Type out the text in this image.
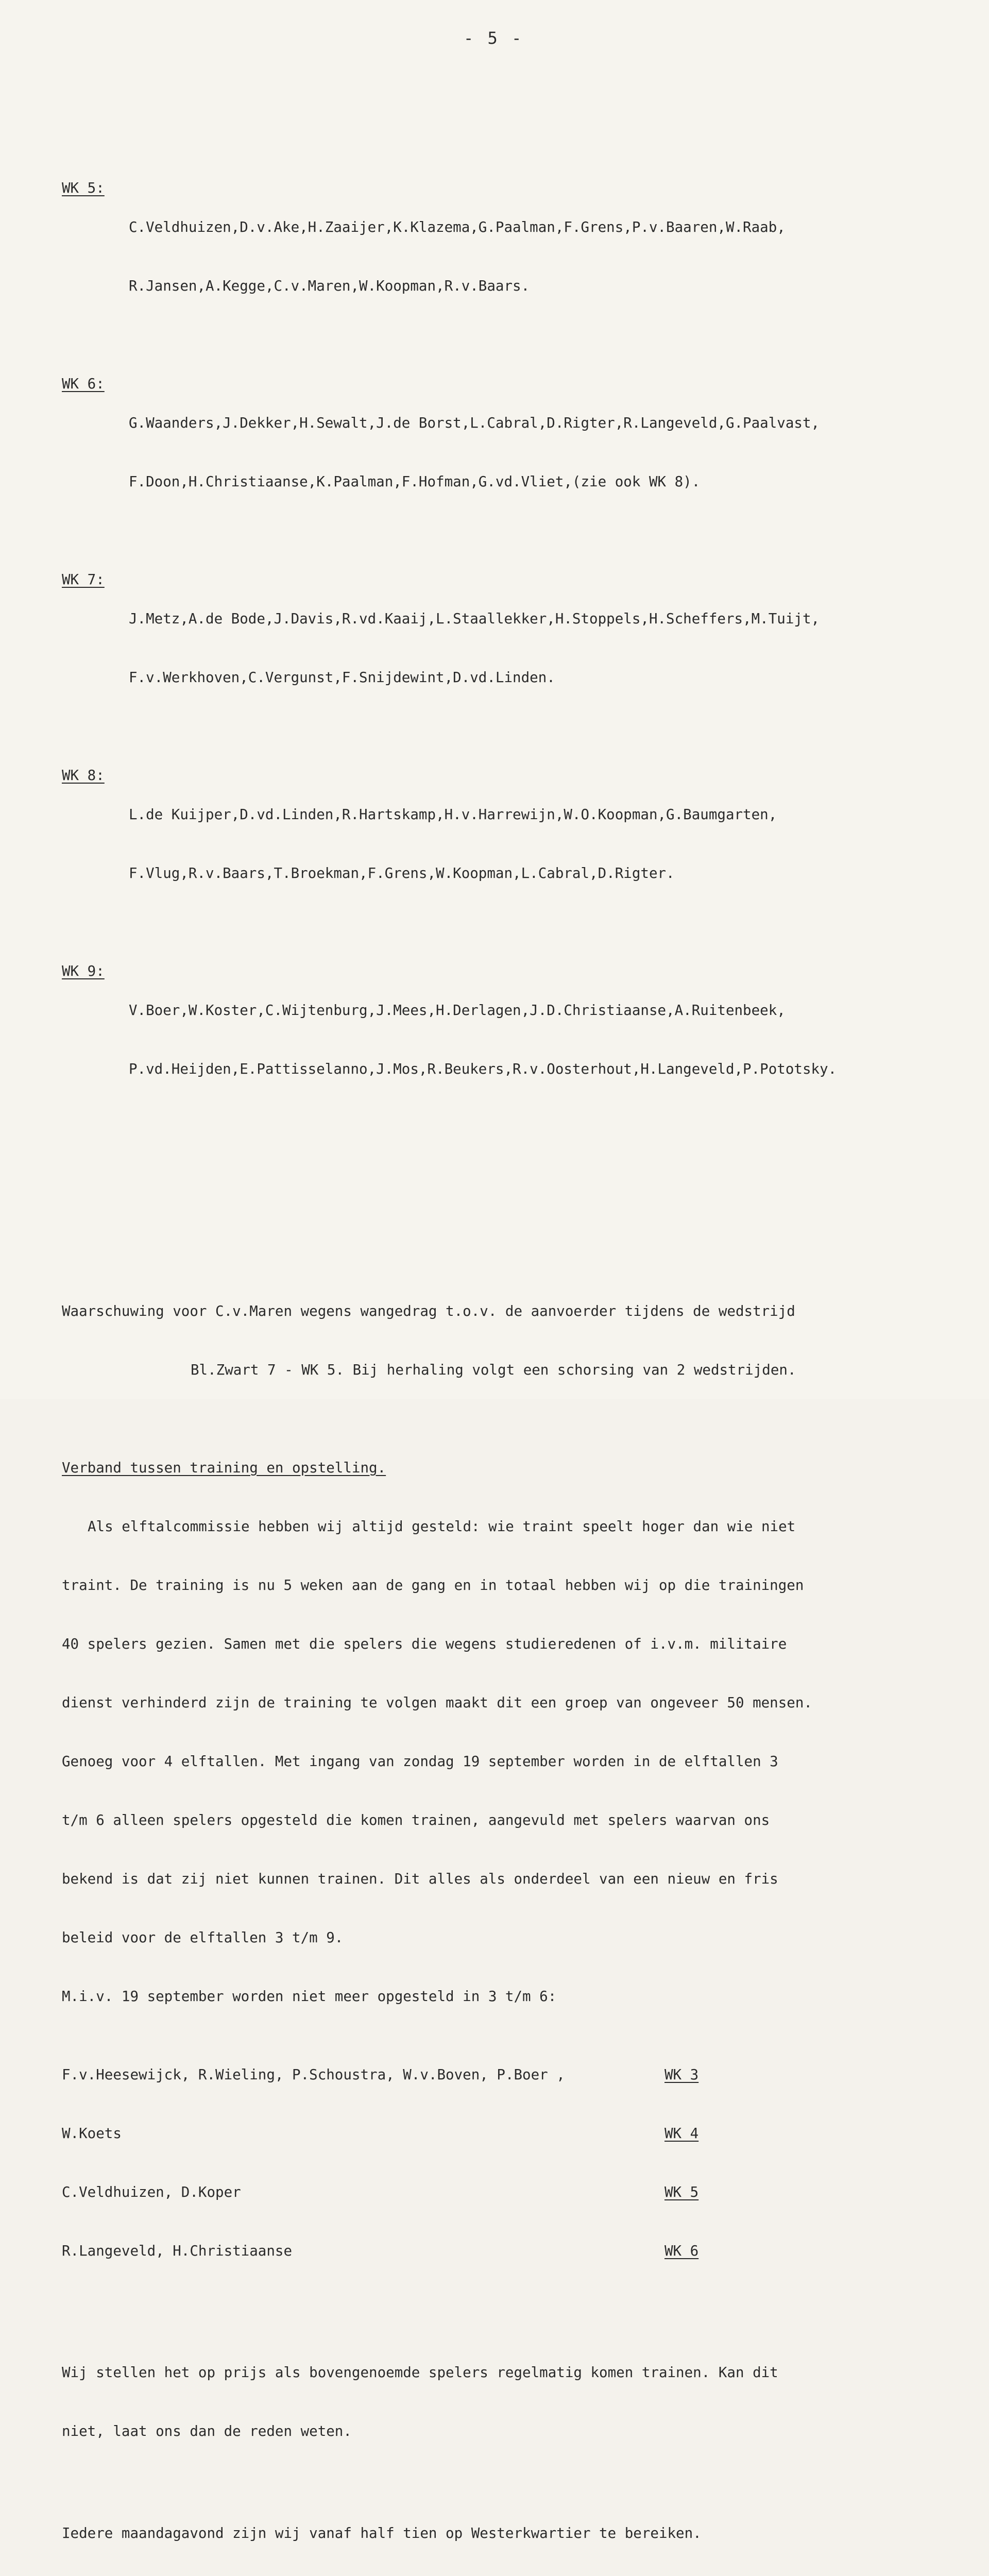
- 5 -

WK 5:

C.Veldhuizen,D.v.Ake,H.Zaaijer,K.Klazema,G.Paalman,F.Grens,P.v.Baaren,W.Raab,

R.Jansen,A.Kegge,C.v.Maren,W.Koopman,R.v.Baars.

WK 6:

G.Waanders,J.Dekker,H.Sewalt,J.de Borst,L.Cabral,D.Rigter,R.Langeveld,G.Paalvast,

F.Doon,H.Christiaanse,K.Paalman,F.Hofman,G.vd.Vliet,(zie ook WK 8).

WK 7:

J.Metz,A.de Bode,J.Davis,R.vd.Kaaij,L.Staallekker,H.Stoppels,H.Scheffers,M.Tuijt,

F.v.Werkhoven,C.Vergunst,F.Snijdewint,D.vd.Linden.

WK 8:

L.de Kuijper,D.vd.Linden,R.Hartskamp,H.v.Harrewijn,W.O.Koopman,G.Baumgarten,

F.Vlug,R.v.Baars,T.Broekman,F.Grens,W.Koopman,L.Cabral,D.Rigter.

WK 9:

V.Boer,W.Koster,C.Wijtenburg,J.Mees,H.Derlagen,J.D.Christiaanse,A.Ruitenbeek,

P.vd.Heijden,E.Pattisselanno,J.Mos,R.Beukers,R.v.Oosterhout,H.Langeveld,P.Pototsky.

Waarschuwing voor C.v.Maren wegens wangedrag t.o.v. de aanvoerder tijdens de wedstrijd

Bl.Zwart 7 - WK 5. Bij herhaling volgt een schorsing van 2 wedstrijden.

Verband tussen training en opstelling.

Als elftalcommissie hebben wij altijd gesteld: wie traint speelt hoger dan wie niet

traint. De training is nu 5 weken aan de gang en in totaal hebben wij op die trainingen

40 spelers gezien. Samen met die spelers die wegens studieredenen of i.v.m. militaire

dienst verhinderd zijn de training te volgen maakt dit een groep van ongeveer 50 mensen.

Genoeg voor 4 elftallen. Met ingang van zondag 19 september worden in de elftallen 3

t/m 6 alleen spelers opgesteld die komen trainen, aangevuld met spelers waarvan ons

bekend is dat zij niet kunnen trainen. Dit alles als onderdeel van een nieuw en fris

beleid voor de elftallen 3 t/m 9.

M.i.v. 19 september worden niet meer opgesteld in 3 t/m 6:

F.v.Heesewijck, R.Wieling, P.Schoustra, W.v.Boven, P.Boer ,	WK 3

W.Koets	WK 4

C.Veldhuizen, D.Koper	WK 5

R.Langeveld, H.Christiaanse	WK 6

Wij stellen het op prijs als bovengenoemde spelers regelmatig komen trainen. Kan dit

niet, laat ons dan de reden weten.

Iedere maandagavond zijn wij vanaf half tien op Westerkwartier te bereiken.
